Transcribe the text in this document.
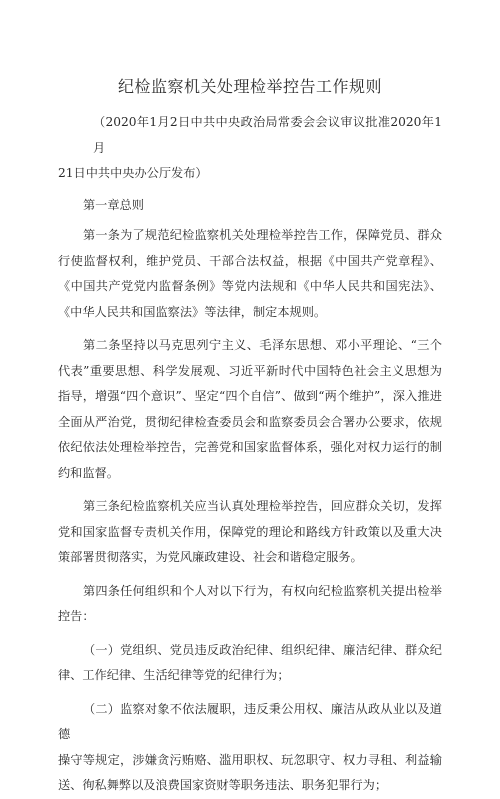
纪检监察机关处理检举控告工作规则

（2020年1月2日中共中央政治局常委会会议审议批准2020年1月

21日中共中央办公厅发布）

第一章总则

第一条为了规范纪检监察机关处理检举控告工作，保障党员、群众行使监督权利，维护党员、干部合法权益，根据《中国共产党章程》、《中国共产党党内监督条例》等党内法规和《中华人民共和国宪法》、《中华人民共和国监察法》等法律，制定本规则。

第二条坚持以马克思列宁主义、毛泽东思想、邓小平理论、“三个代表”重要思想、科学发展观、习近平新时代中国特色社会主义思想为指导，增强“四个意识”、坚定“四个自信”、做到“两个维护”，深入推进全面从严治党，贯彻纪律检查委员会和监察委员会合署办公要求，依规依纪依法处理检举控告，完善党和国家监督体系，强化对权力运行的制约和监督。

第三条纪检监察机关应当认真处理检举控告，回应群众关切，发挥党和国家监督专责机关作用，保障党的理论和路线方针政策以及重大决策部署贯彻落实，为党风廉政建设、社会和谐稳定服务。

第四条任何组织和个人对以下行为，有权向纪检监察机关提出检举控告：

（一）党组织、党员违反政治纪律、组织纪律、廉洁纪律、群众纪律、工作纪律、生活纪律等党的纪律行为；

（二）监察对象不依法履职，违反秉公用权、廉洁从政从业以及道德

操守等规定，涉嫌贪污贿赂、滥用职权、玩忽职守、权力寻租、利益输送、徇私舞弊以及浪费国家资财等职务违法、职务犯罪行为；
